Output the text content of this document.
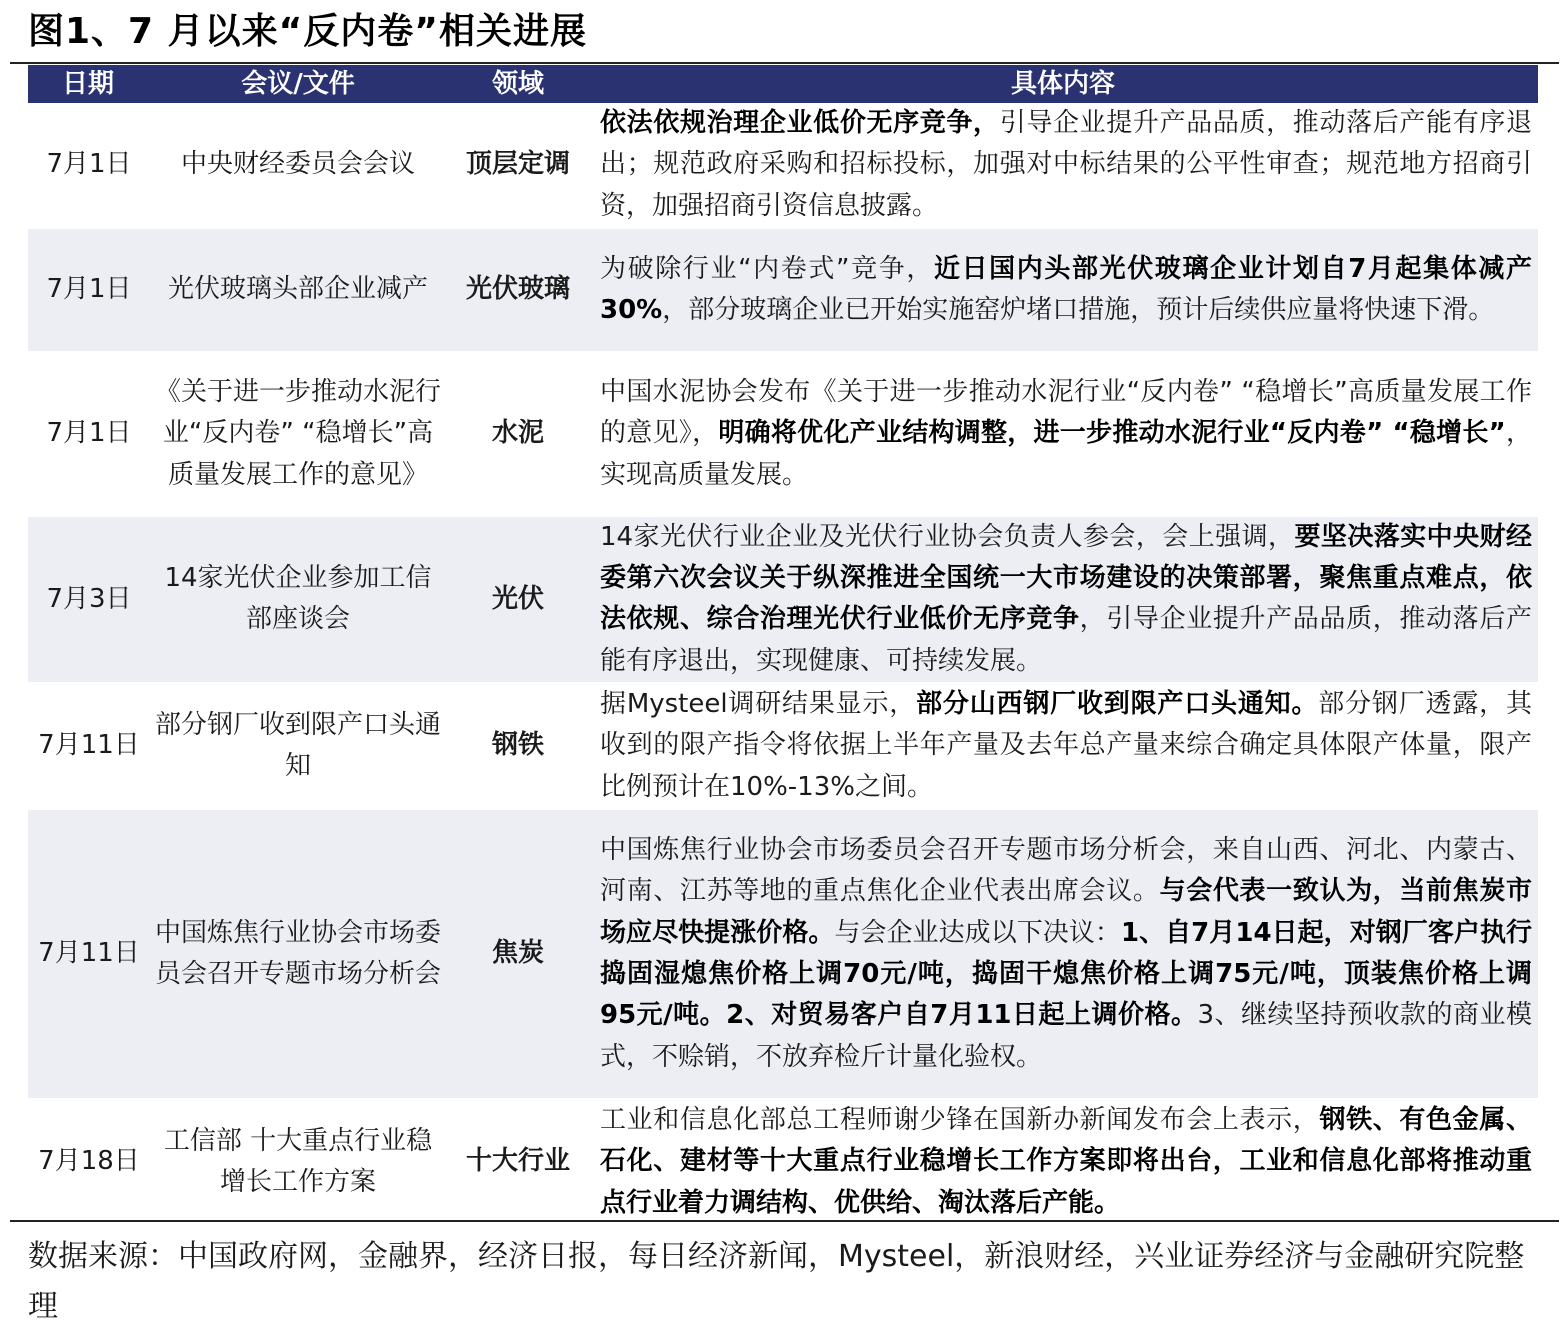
图1、7 月以来“反内卷”相关进展
日期	会议/文件	领域	具体内容
7月1日	中央财经委员会会议	顶层定调	依法依规治理企业低价无序竞争，引导企业提升产品品质，推动落后产能有序退出；规范政府采购和招标投标，加强对中标结果的公平性审查；规范地方招商引资，加强招商引资信息披露。
7月1日	光伏玻璃头部企业减产	光伏玻璃	为破除行业“内卷式”竞争，近日国内头部光伏玻璃企业计划自7月起集体减产30%，部分玻璃企业已开始实施窑炉堵口措施，预计后续供应量将快速下滑。
7月1日	《关于进一步推动水泥行业“反内卷” “稳增长”高质量发展工作的意见》	水泥	中国水泥协会发布《关于进一步推动水泥行业“反内卷” “稳增长”高质量发展工作的意见》，明确将优化产业结构调整，进一步推动水泥行业“反内卷” “稳增长”，实现高质量发展。
7月3日	14家光伏企业参加工信部座谈会	光伏	14家光伏行业企业及光伏行业协会负责人参会，会上强调，要坚决落实中央财经委第六次会议关于纵深推进全国统一大市场建设的决策部署，聚焦重点难点，依法依规、综合治理光伏行业低价无序竞争，引导企业提升产品品质，推动落后产能有序退出，实现健康、可持续发展。
7月11日	部分钢厂收到限产口头通知	钢铁	据Mysteel调研结果显示，部分山西钢厂收到限产口头通知。部分钢厂透露，其收到的限产指令将依据上半年产量及去年总产量来综合确定具体限产体量，限产比例预计在10%-13%之间。
7月11日	中国炼焦行业协会市场委员会召开专题市场分析会	焦炭	中国炼焦行业协会市场委员会召开专题市场分析会，来自山西、河北、内蒙古、河南、江苏等地的重点焦化企业代表出席会议。与会代表一致认为，当前焦炭市场应尽快提涨价格。与会企业达成以下决议：1、自7月14日起，对钢厂客户执行捣固湿熄焦价格上调70元/吨，捣固干熄焦价格上调75元/吨，顶装焦价格上调95元/吨。2、对贸易客户自7月11日起上调价格。3、继续坚持预收款的商业模式，不赊销，不放弃检斤计量化验权。
7月18日	工信部 十大重点行业稳增长工作方案	十大行业	工业和信息化部总工程师谢少锋在国新办新闻发布会上表示，钢铁、有色金属、石化、建材等十大重点行业稳增长工作方案即将出台，工业和信息化部将推动重点行业着力调结构、优供给、淘汰落后产能。
数据来源：中国政府网，金融界，经济日报，每日经济新闻，Mysteel，新浪财经，兴业证券经济与金融研究院整理
